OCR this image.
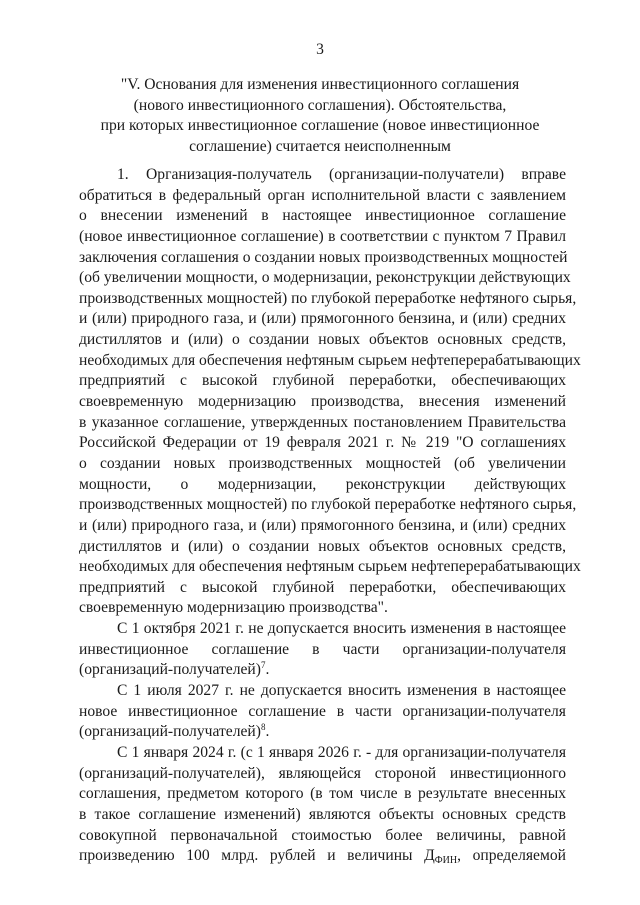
3
"V. Основания для изменения инвестиционного соглашения
(нового инвестиционного соглашения). Обстоятельства,
при которых инвестиционное соглашение (новое инвестиционное
соглашение) считается неисполненным
1. Организация-получатель (организации-получатели) вправе
обратиться в федеральный орган исполнительной власти с заявлением
о внесении изменений в настоящее инвестиционное соглашение
(новое инвестиционное соглашение) в соответствии с пунктом 7 Правил
заключения соглашения о создании новых производственных мощностей
(об увеличении мощности, о модернизации, реконструкции действующих
производственных мощностей) по глубокой переработке нефтяного сырья,
и (или) природного газа, и (или) прямогонного бензина, и (или) средних
дистиллятов и (или) о создании новых объектов основных средств,
необходимых для обеспечения нефтяным сырьем нефтеперерабатывающих
предприятий с высокой глубиной переработки, обеспечивающих
своевременную модернизацию производства, внесения изменений
в указанное соглашение, утвержденных постановлением Правительства
Российской Федерации от 19 февраля 2021 г. № 219 "О соглашениях
о создании новых производственных мощностей (об увеличении
мощности, о модернизации, реконструкции действующих
производственных мощностей) по глубокой переработке нефтяного сырья,
и (или) природного газа, и (или) прямогонного бензина, и (или) средних
дистиллятов и (или) о создании новых объектов основных средств,
необходимых для обеспечения нефтяным сырьем нефтеперерабатывающих
предприятий с высокой глубиной переработки, обеспечивающих
своевременную модернизацию производства".
С 1 октября 2021 г. не допускается вносить изменения в настоящее
инвестиционное соглашение в части организации-получателя
(организаций-получателей)$^7$.
С 1 июля 2027 г. не допускается вносить изменения в настоящее
новое инвестиционное соглашение в части организации-получателя
(организаций-получателей)$^8$.
С 1 января 2024 г. (с 1 января 2026 г. - для организации-получателя
(организаций-получателей), являющейся стороной инвестиционного
соглашения, предметом которого (в том числе в результате внесенных
в такое соглашение изменений) являются объекты основных средств
совокупной первоначальной стоимостью более величины, равной
произведению 100 млрд. рублей и величины $Д_{ФИН}$, определяемой
